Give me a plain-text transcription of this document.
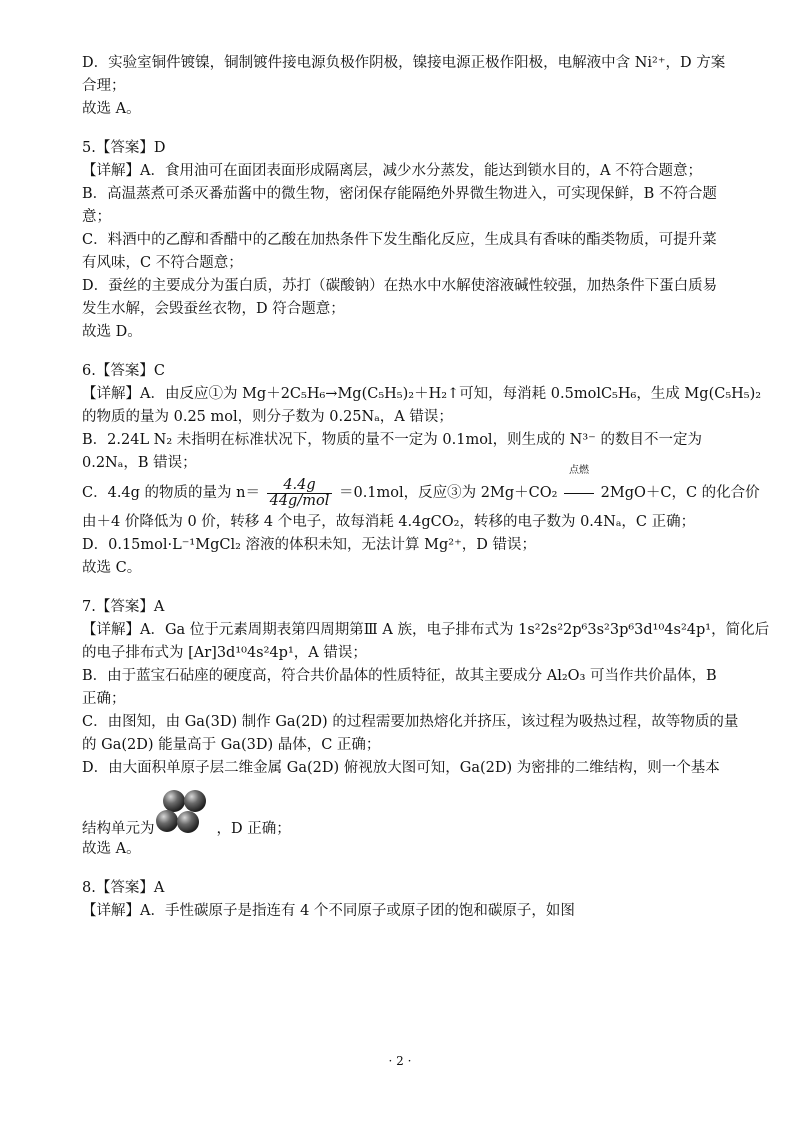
D．实验室铜件镀镍，铜制镀件接电源负极作阴极，镍接电源正极作阳极，电解液中含 Ni²⁺，D 方案
合理；
故选 A。
5.【答案】D
【详解】A．食用油可在面团表面形成隔离层，减少水分蒸发，能达到锁水目的，A 不符合题意；
B．高温蒸煮可杀灭番茄酱中的微生物，密闭保存能隔绝外界微生物进入，可实现保鲜，B 不符合题
意；
C．料酒中的乙醇和香醋中的乙酸在加热条件下发生酯化反应，生成具有香味的酯类物质，可提升菜
有风味，C 不符合题意；
D．蚕丝的主要成分为蛋白质，苏打（碳酸钠）在热水中水解使溶液碱性较强，加热条件下蛋白质易
发生水解，会毁蚕丝衣物，D 符合题意；
故选 D。
6.【答案】C
【详解】A．由反应①为 Mg＋2C₅H₆→Mg(C₅H₅)₂＋H₂↑可知，每消耗 0.5molC₅H₆，生成 Mg(C₅H₅)₂
的物质的量为 0.25 mol，则分子数为 0.25Nₐ，A 错误；
B．2.24L N₂ 未指明在标准状况下，物质的量不一定为 0.1mol，则生成的 N³⁻ 的数目不一定为
0.2Nₐ，B 错误；
C．4.4g 的物质的量为 $n= \frac{4.4g}{\text{44g/mol}} =0.1mol$，反应③为 2Mg＋CO₂
点燃
2MgO＋C，C 的化合价
由＋4 价降低为 0 价，转移 4 个电子，故每消耗 4.4gCO₂，转移的电子数为 0.4Nₐ，C 正确；
D．0.15mol·L⁻¹MgCl₂ 溶液的体积未知，无法计算 Mg²⁺，D 错误；
故选 C。
7.【答案】A
【详解】A．Ga 位于元素周期表第四周期第Ⅲ A 族，电子排布式为 1s²2s²2p⁶3s²3p⁶3d¹⁰4s²4p¹，简化后
的电子排布式为 [Ar]3d¹⁰4s²4p¹，A 错误；
B．由于蓝宝石砧座的硬度高，符合共价晶体的性质特征，故其主要成分 Al₂O₃ 可当作共价晶体，B
正确；
C．由图知，由 Ga(3D) 制作 Ga(2D) 的过程需要加热熔化并挤压，该过程为吸热过程，故等物质的量
的 Ga(2D) 能量高于 Ga(3D) 晶体，C 正确；
D．由大面积单原子层二维金属 Ga(2D) 俯视放大图可知，Ga(2D) 为密排的二维结构，则一个基本
结构单元为	，D 正确；
故选 A。
8.【答案】A
【详解】A．手性碳原子是指连有 4 个不同原子或原子团的饱和碳原子，如图
· 2 ·
